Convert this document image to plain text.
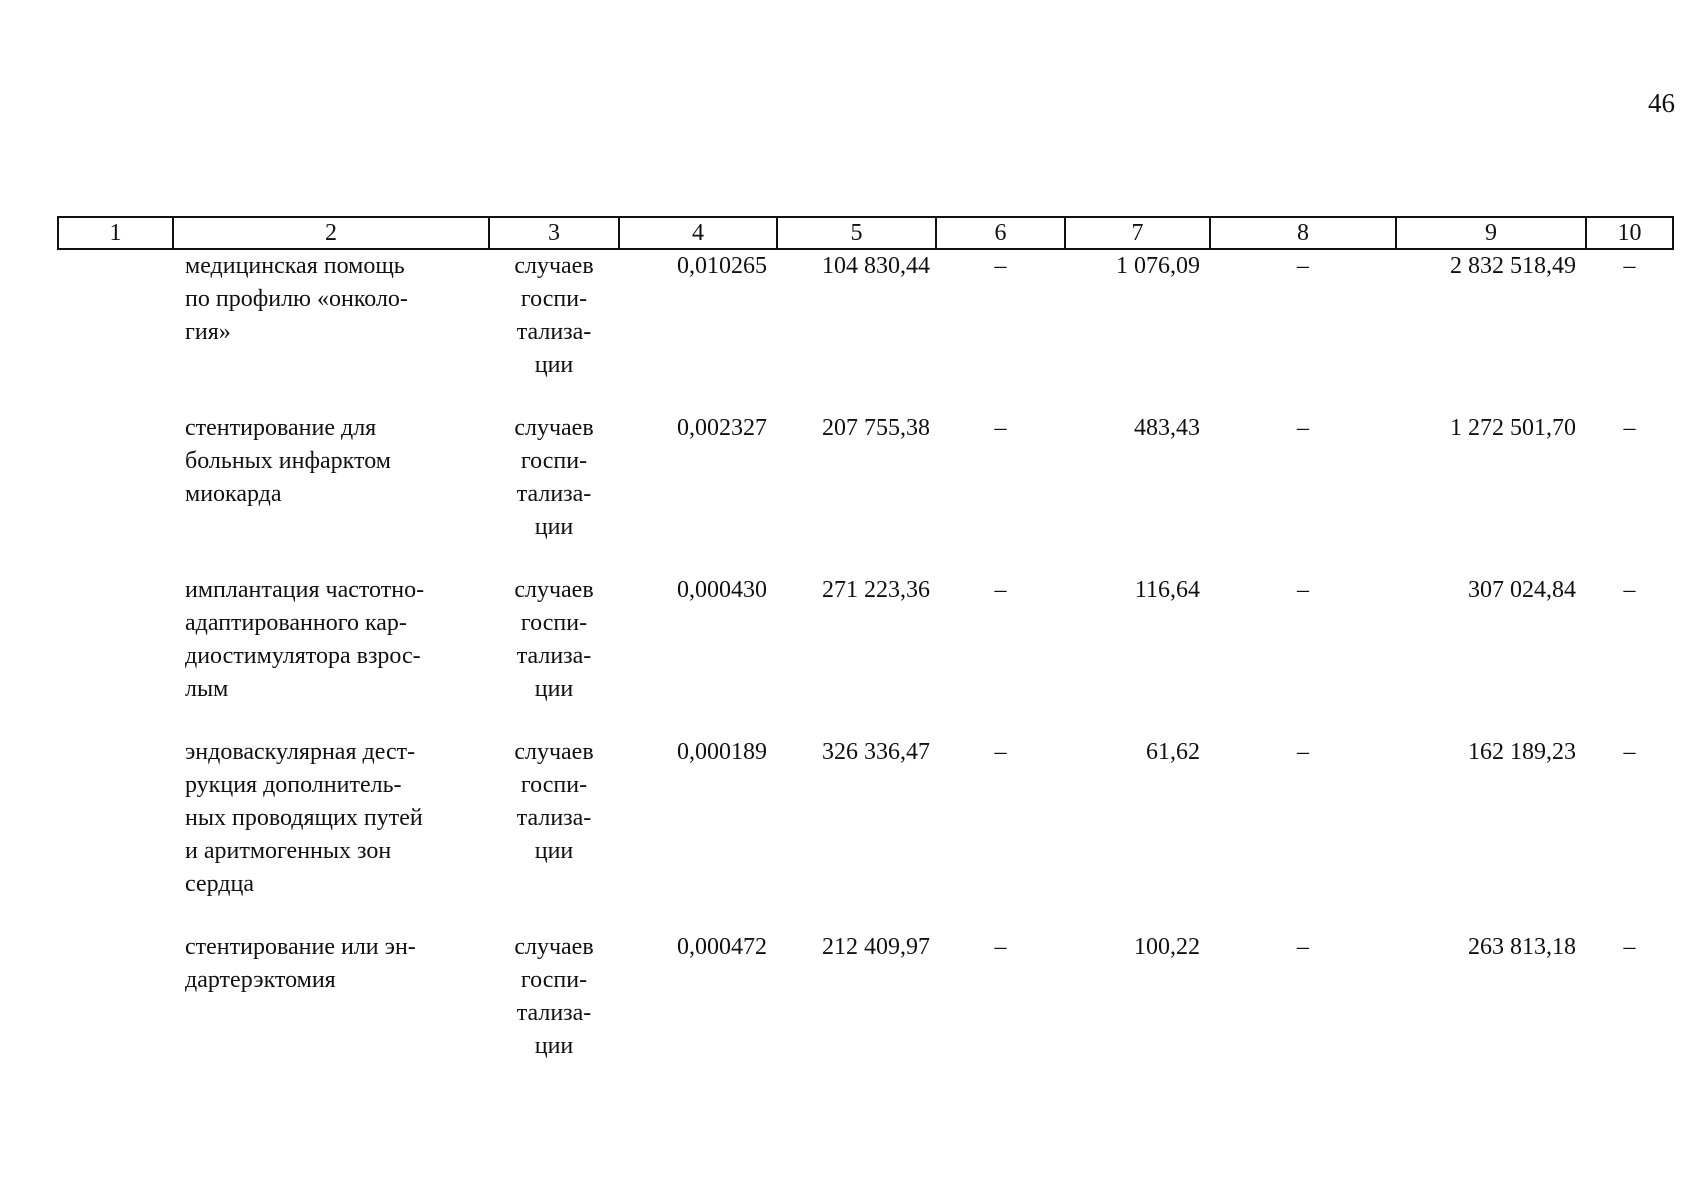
46
1	2	3	4	5	6	7	8	9	10

	медицинская помощь
по профилю «онколо-
гия»	случаев
госпи-
тализа-
ции	0,010265	104 830,44	–	1 076,09	–	2 832 518,49	–

	стентирование для
больных инфарктом
миокарда	случаев
госпи-
тализа-
ции	0,002327	207 755,38	–	483,43	–	1 272 501,70	–

	имплантация частотно-
адаптированного кар-
диостимулятора взрос-
лым	случаев
госпи-
тализа-
ции	0,000430	271 223,36	–	116,64	–	307 024,84	–

	эндоваскулярная дест-
рукция дополнитель-
ных проводящих путей
и аритмогенных зон
сердца	случаев
госпи-
тализа-
ции	0,000189	326 336,47	–	61,62	–	162 189,23	–

	стентирование или эн-
дартерэктомия	случаев
госпи-
тализа-
ции	0,000472	212 409,97	–	100,22	–	263 813,18	–
